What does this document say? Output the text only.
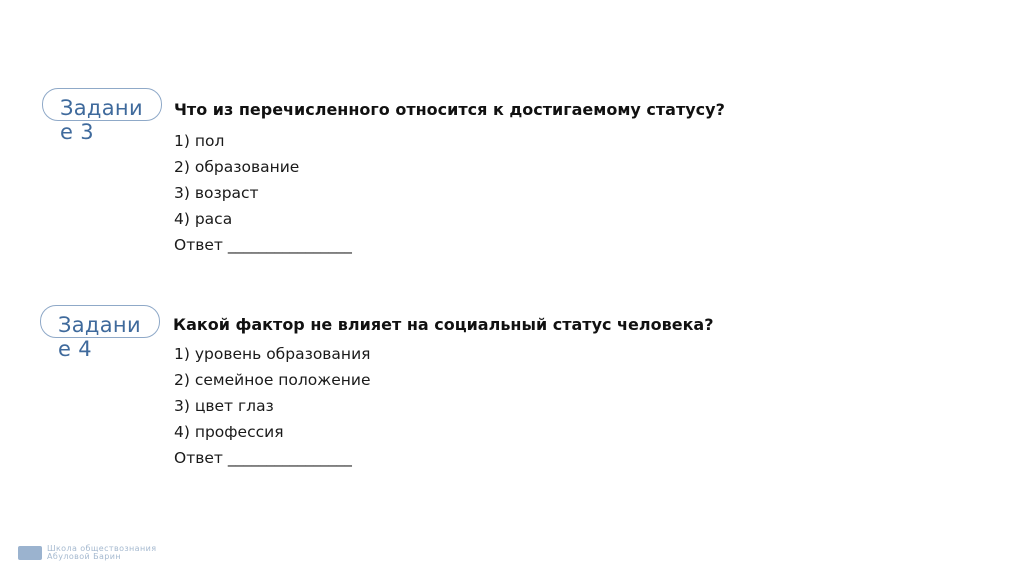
Задание 3
Что из перечисленного относится к достигаемому статусу?
1) пол
2) образование
3) возраст
4) раса
Ответ ________________
Задание 4
Какой фактор не влияет на социальный статус человека?
1) уровень образования
2) семейное положение
3) цвет глаз
4) профессия
Ответ ________________
Школа обществознания
Абуловой Барин
